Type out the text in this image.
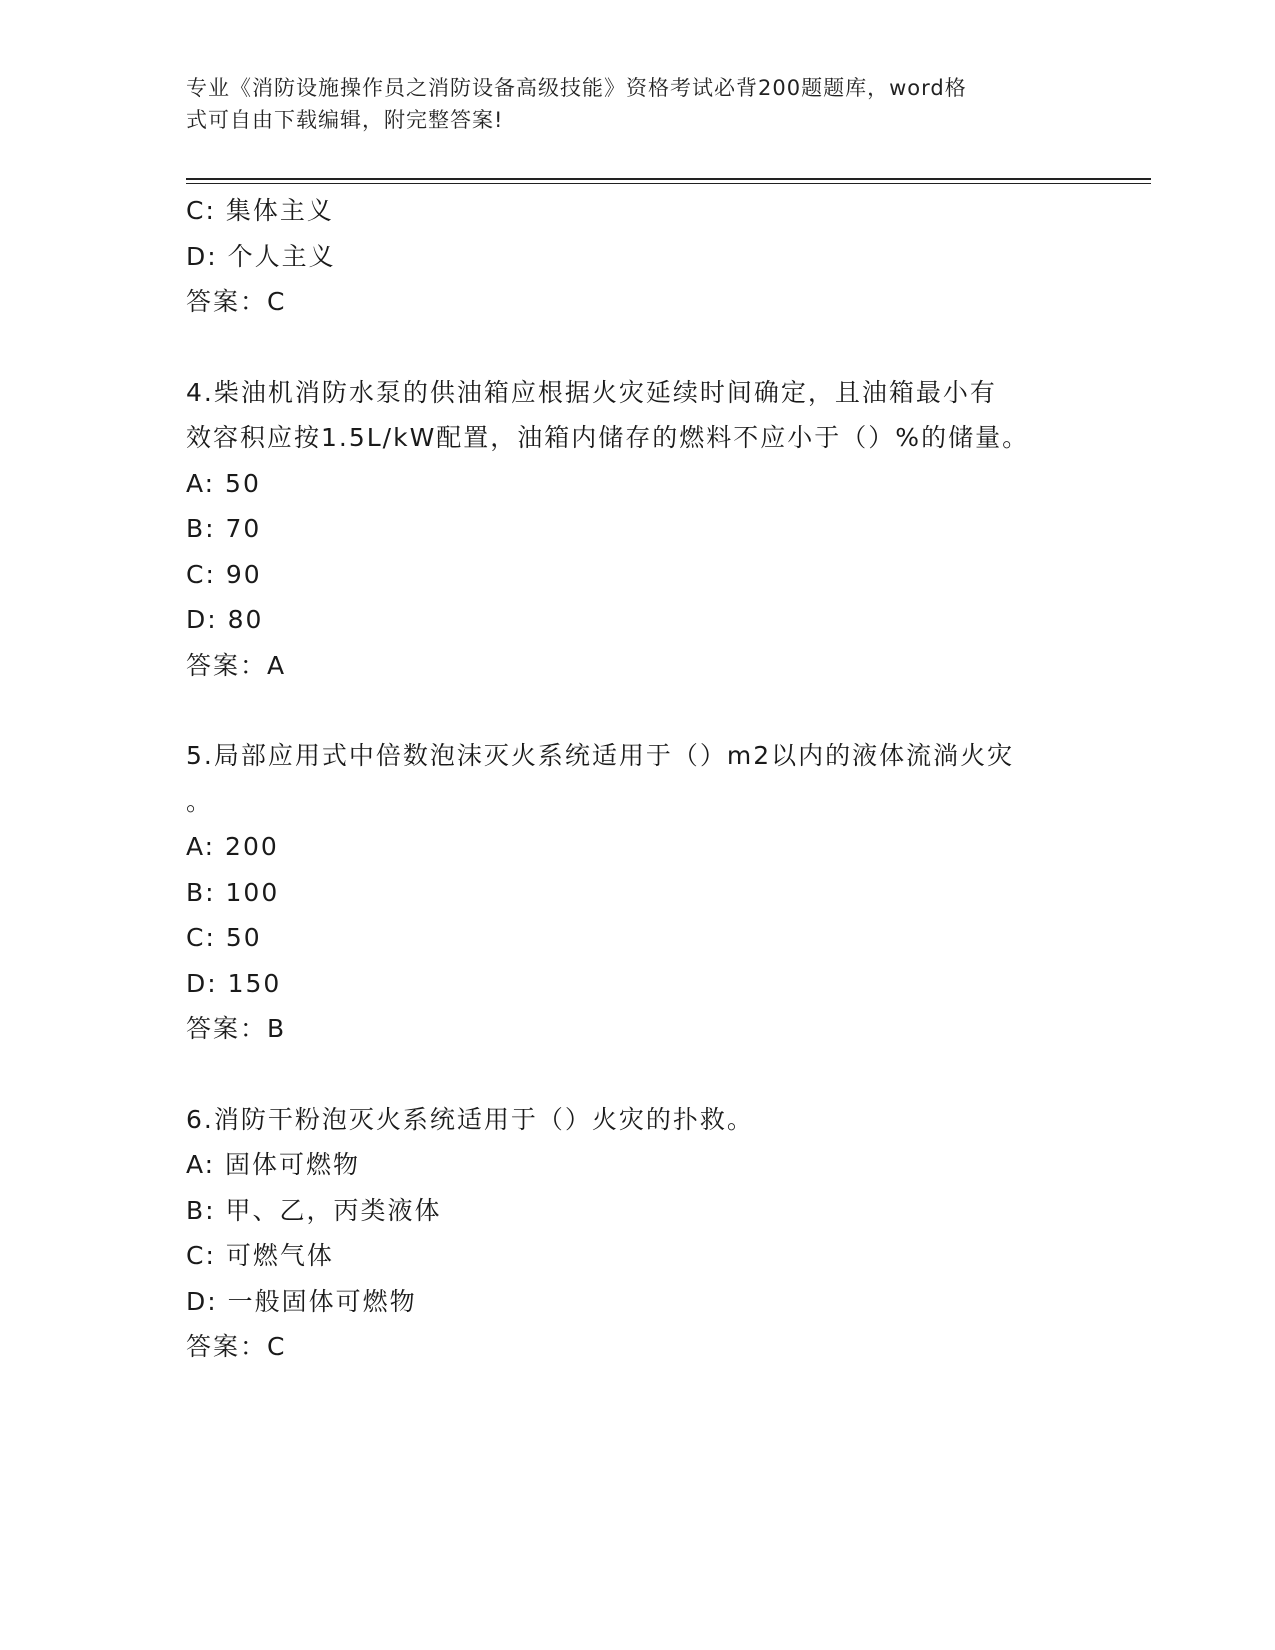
专业《消防设施操作员之消防设备高级技能》资格考试必背200题题库，word格
式可自由下载编辑，附完整答案!
C: 集体主义
D: 个人主义
答案：C
4.柴油机消防水泵的供油箱应根据火灾延续时间确定，且油箱最小有
效容积应按1.5L/kW配置，油箱内储存的燃料不应小于（）%的储量。
A: 50
B: 70
C: 90
D: 80
答案：A
5.局部应用式中倍数泡沫灭火系统适用于（）m2以内的液体流淌火灾
。
A: 200
B: 100
C: 50
D: 150
答案：B
6.消防干粉泡灭火系统适用于（）火灾的扑救。
A: 固体可燃物
B: 甲、乙，丙类液体
C: 可燃气体
D: 一般固体可燃物
答案：C
